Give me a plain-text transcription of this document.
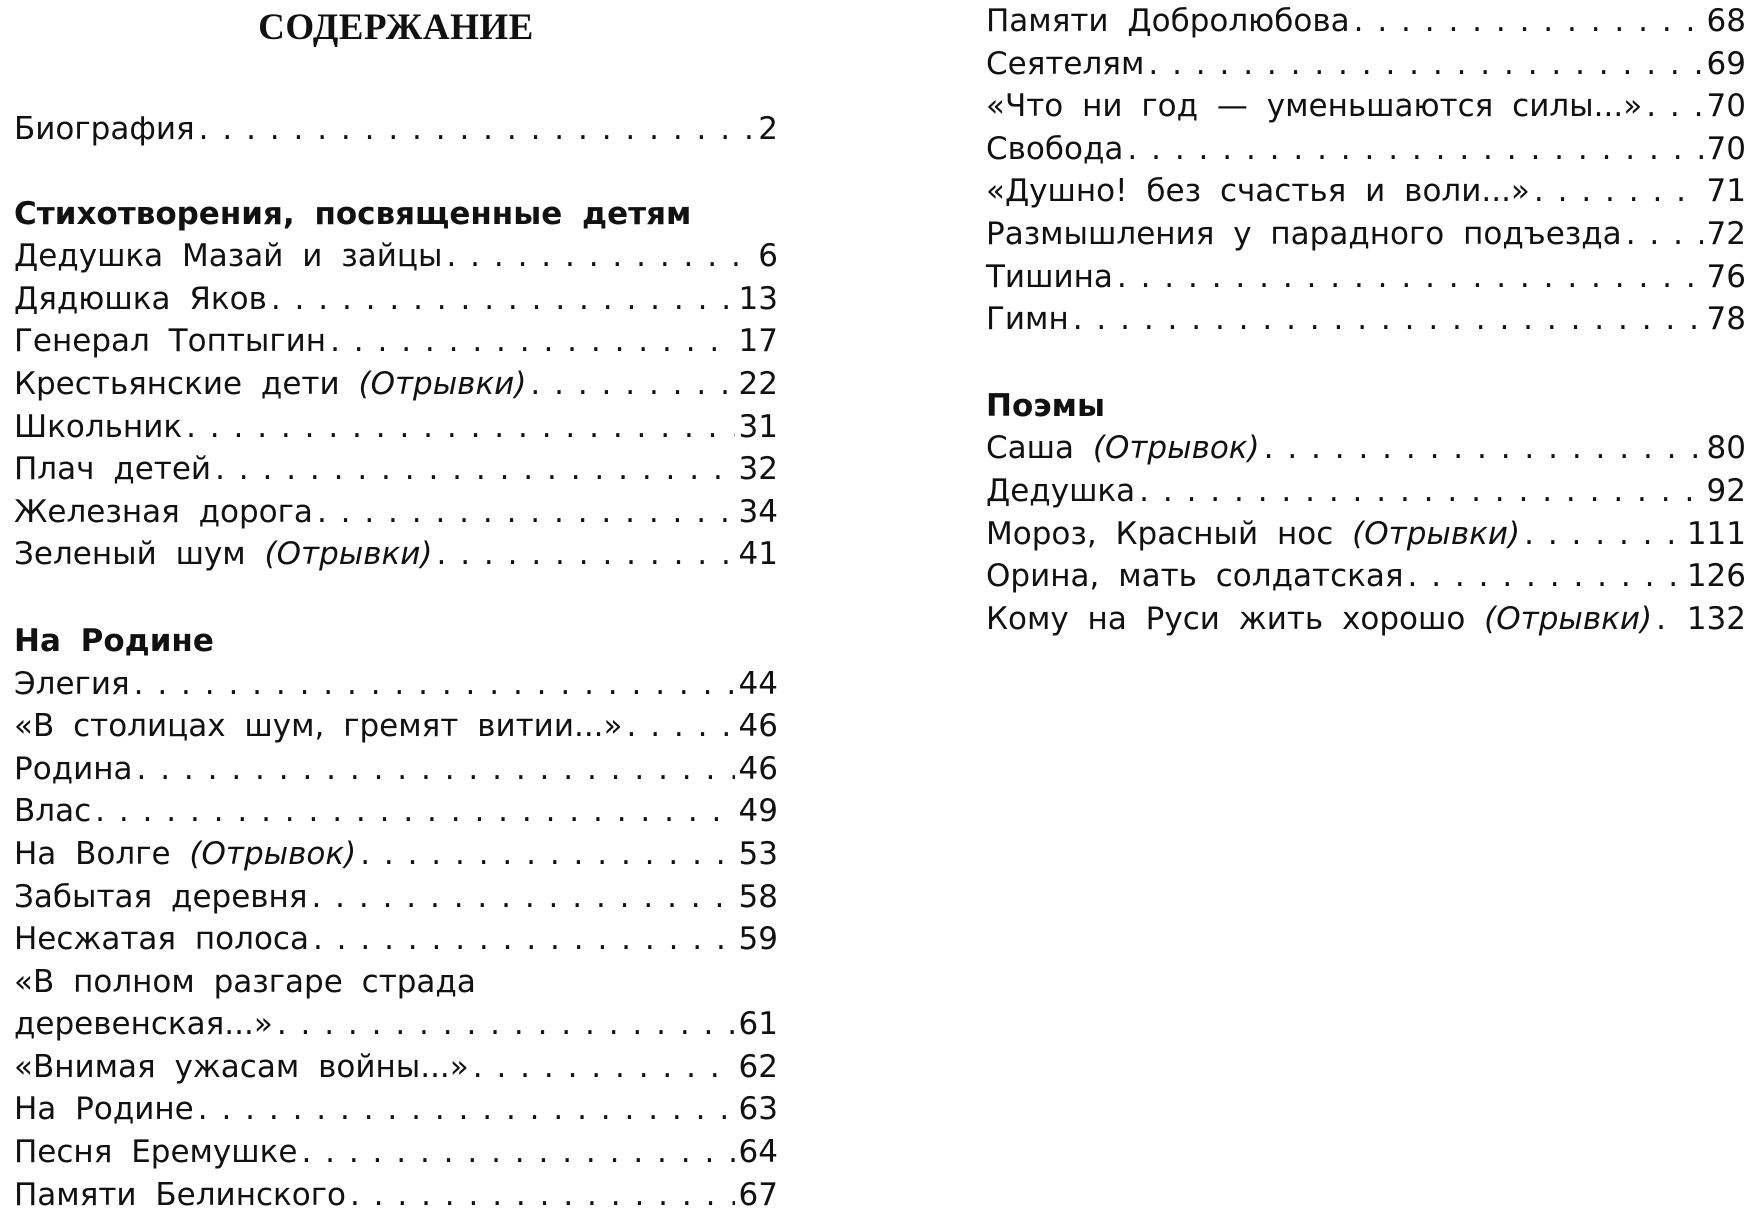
СОДЕРЖАНИЕ
Биография . . .	2
Стихотворения, посвященные детям
Дедушка Мазай и зайцы . . .	6
Дядюшка Яков . . .	13
Генерал Топтыгин . . .	17
Крестьянские дети (Отрывки) . . .	22
Школьник . . .	31
Плач детей . . .	32
Железная дорога . . .	34
Зеленый шум (Отрывки) . . .	41
На Родине
Элегия . . .	44
«В столицах шум, гремят витии...» . . .	46
Родина . . .	46
Влас . . .	49
На Волге (Отрывок) . . .	53
Забытая деревня . . .	58
Несжатая полоса . . .	59
«В полном разгаре страда
деревенская...» . . .	61
«Внимая ужасам войны...» . . .	62
На Родине . . .	63
Песня Еремушке . . .	64
Памяти Белинского . . .	67
Памяти Добролюбова . . .	68
Сеятелям . . .	69
«Что ни год — уменьшаются силы...» . . . 70
Свобода . . .	70
«Душно! без счастья и воли...» . . .	71
Размышления у парадного подъезда . . .	72
Тишина . . .	76
Гимн . . .	78
Поэмы
Саша (Отрывок) . . .	80
Дедушка . . .	92
Мороз, Красный нос (Отрывки) . . .	111
Орина, мать солдатская . . .	126
Кому на Руси жить хорошо (Отрывки) . . . 132
